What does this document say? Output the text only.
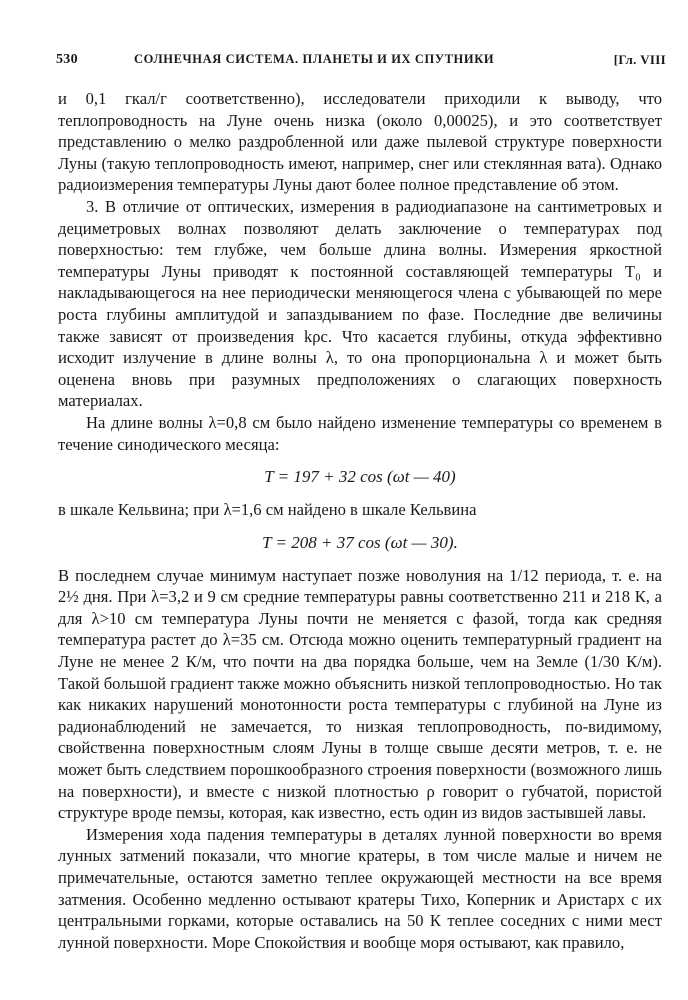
530	СОЛНЕЧНАЯ СИСТЕМА. ПЛАНЕТЫ И ИХ СПУТНИКИ	[Гл. VIII

и 0,1 гкал/г соответственно), исследователи приходили к выводу, что теплопроводность на Луне очень низка (около 0,00025), и это соответствует представлению о мелко раздробленной или даже пылевой структуре поверхности Луны (такую теплопроводность имеют, например, снег или стеклянная вата). Однако радиоизмерения температуры Луны дают более полное представление об этом.

3. В отличие от оптических, измерения в радиодиапазоне на сантиметровых и дециметровых волнах позволяют делать заключение о температурах под поверхностью: тем глубже, чем больше длина волны. Измерения яркостной температуры Луны приводят к постоянной составляющей температуры T₀ и накладывающегося на нее периодически меняющегося члена с убывающей по мере роста глубины амплитудой и запаздыванием по фазе. Последние две величины также зависят от произведения kρc. Что касается глубины, откуда эффективно исходит излучение в длине волны λ, то она пропорциональна λ и может быть оценена вновь при разумных предположениях о слагающих поверхность материалах.

На длине волны λ=0,8 см было найдено изменение температуры со временем в течение синодического месяца:

T = 197 + 32 cos (ωt — 40)

в шкале Кельвина; при λ=1,6 см найдено в шкале Кельвина

T = 208 + 37 cos (ωt — 30).

В последнем случае минимум наступает позже новолуния на 1/12 периода, т. е. на 2½ дня. При λ=3,2 и 9 см средние температуры равны соответственно 211 и 218 К, а для λ>10 см температура Луны почти не меняется с фазой, тогда как средняя температура растет до λ=35 см. Отсюда можно оценить температурный градиент на Луне не менее 2 К/м, что почти на два порядка больше, чем на Земле (1/30 К/м). Такой большой градиент также можно объяснить низкой теплопроводностью. Но так как никаких нарушений монотонности роста температуры с глубиной на Луне из радионаблюдений не замечается, то низкая теплопроводность, по-видимому, свойственна поверхностным слоям Луны в толще свыше десяти метров, т. е. не может быть следствием порошкообразного строения поверхности (возможного лишь на поверхности), и вместе с низкой плотностью ρ говорит о губчатой, пористой структуре вроде пемзы, которая, как известно, есть один из видов застывшей лавы.

Измерения хода падения температуры в деталях лунной поверхности во время лунных затмений показали, что многие кратеры, в том числе малые и ничем не примечательные, остаются заметно теплее окружающей местности на все время затмения. Особенно медленно остывают кратеры Тихо, Коперник и Аристарх с их центральными горками, которые оставались на 50 К теплее соседних с ними мест лунной поверхности. Море Спокойствия и вообще моря остывают, как правило,
